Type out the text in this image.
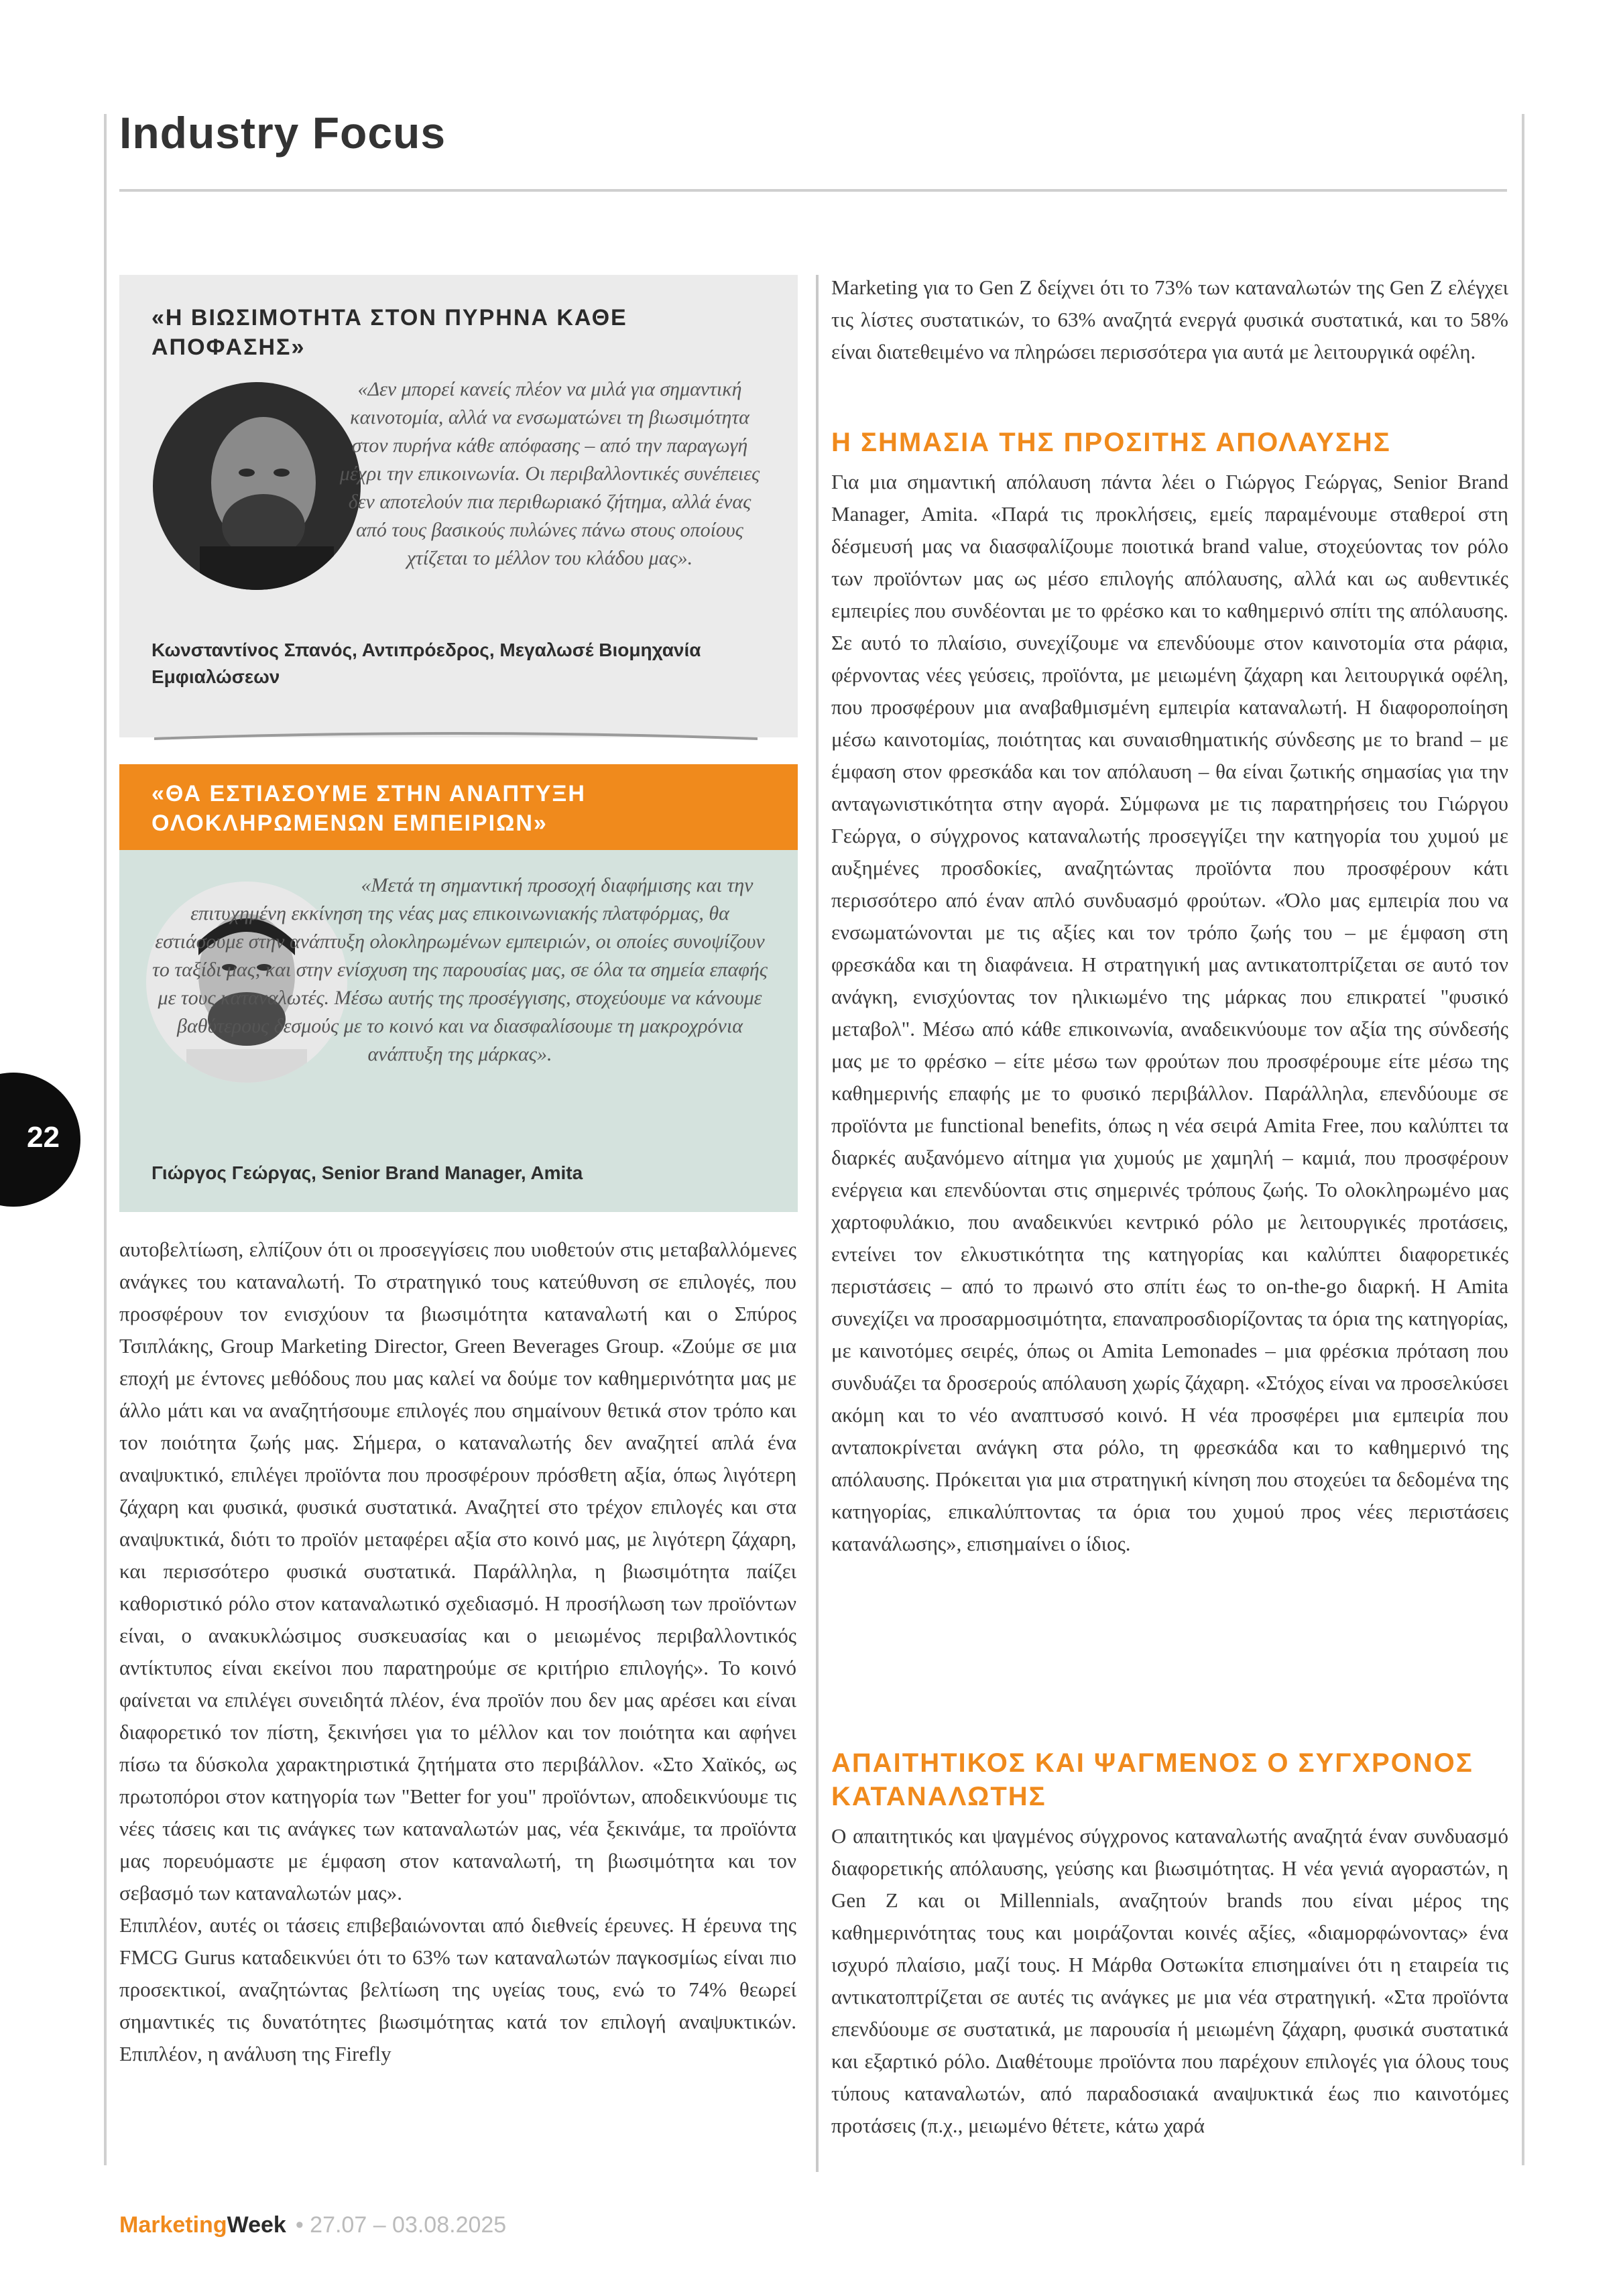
Industry Focus
«Η ΒΙΩΣΙΜΟΤΗΤΑ ΣΤΟΝ ΠΥΡΗΝΑ ΚΑΘΕ ΑΠΟΦΑΣΗΣ»
«Δεν μπορεί κανείς πλέον να μιλά για σημαντική καινοτομία, αλλά να ενσωματώνει τη βιωσιμότητα στον πυρήνα κάθε απόφασης – από την παραγωγή μέχρι την επικοινωνία. Οι περιβαλλοντικές συνέπειες δεν αποτελούν πια περιθωριακό ζήτημα, αλλά ένας από τους βασικούς πυλώνες πάνω στους οποίους χτίζεται το μέλλον του κλάδου μας».
Κωνσταντίνος Σπανός, Αντιπρόεδρος, Μεγαλωσέ Βιομηχανία Εμφιαλώσεων
«ΘΑ ΕΣΤΙΑΣΟΥΜΕ ΣΤΗΝ ΑΝΑΠΤΥΞΗ ΟΛΟΚΛΗΡΩΜΕΝΩΝ ΕΜΠΕΙΡΙΩΝ»
«Μετά τη σημαντική προσοχή διαφήμισης και την επιτυχημένη εκκίνηση της νέας μας επικοινωνιακής πλατφόρμας, θα εστιάσουμε στην ανάπτυξη ολοκληρωμένων εμπειριών, οι οποίες συνοψίζουν το ταξίδι μας, και στην ενίσχυση της παρουσίας μας, σε όλα τα σημεία επαφής με τους καταναλωτές. Μέσω αυτής της προσέγγισης, στοχεύουμε να κάνουμε βαθύτερους δεσμούς με το κοινό και να διασφαλίσουμε τη μακροχρόνια ανάπτυξη της μάρκας».
Γιώργος Γεώργας, Senior Brand Manager, Amita
αυτοβελτίωση, ελπίζουν ότι οι προσεγγίσεις που υιοθετούν στις μεταβαλλόμενες ανάγκες του καταναλωτή. Το στρατηγικό τους κατεύθυνση σε επιλογές, που προσφέρουν τον ενισχύουν τα βιωσιμότητα καταναλωτή και ο Σπύρος Τσιπλάκης, Group Marketing Director, Green Beverages Group. «Ζούμε σε μια εποχή με έντονες μεθόδους που μας καλεί να δούμε τον καθημερινότητα μας με άλλο μάτι και να αναζητήσουμε επιλογές που σημαίνουν θετικά στον τρόπο και τον ποιότητα ζωής μας. Σήμερα, ο καταναλωτής δεν αναζητεί απλά ένα αναψυκτικό, επιλέγει προϊόντα που προσφέρουν πρόσθετη αξία, όπως λιγότερη ζάχαρη και φυσικά, φυσικά συστατικά. Αναζητεί στο τρέχον επιλογές και στα αναψυκτικά, διότι το προϊόν μεταφέρει αξία στο κοινό μας, με λιγότερη ζάχαρη, και περισσότερο φυσικά συστατικά. Παράλληλα, η βιωσιμότητα παίζει καθοριστικό ρόλο στον καταναλωτικό σχεδιασμό. Η προσήλωση των προϊόντων είναι, ο ανακυκλώσιμος συσκευασίας και ο μειωμένος περιβαλλοντικός αντίκτυπος είναι εκείνοι που παρατηρούμε σε κριτήριο επιλογής». Το κοινό φαίνεται να επιλέγει συνειδητά πλέον, ένα προϊόν που δεν μας αρέσει και είναι διαφορετικό τον πίστη, ξεκινήσει για το μέλλον και τον ποιότητα και αφήνει πίσω τα δύσκολα χαρακτηριστικά ζητήματα στο περιβάλλον. «Στο Χαϊκός, ως πρωτοπόροι στον κατηγορία των "Better for you" προϊόντων, αποδεικνύουμε τις νέες τάσεις και τις ανάγκες των καταναλωτών μας, νέα ξεκινάμε, τα προϊόντα μας πορευόμαστε με έμφαση στον καταναλωτή, τη βιωσιμότητα και τον σεβασμό των καταναλωτών μας».
Επιπλέον, αυτές οι τάσεις επιβεβαιώνονται από διεθνείς έρευνες. Η έρευνα της FMCG Gurus καταδεικνύει ότι το 63% των καταναλωτών παγκοσμίως είναι πιο προσεκτικοί, αναζητώντας βελτίωση της υγείας τους, ενώ το 74% θεωρεί σημαντικές τις δυνατότητες βιωσιμότητας κατά τον επιλογή αναψυκτικών. Επιπλέον, η ανάλυση της Firefly
Marketing για το Gen Z δείχνει ότι το 73% των καταναλωτών της Gen Z ελέγχει τις λίστες συστατικών, το 63% αναζητά ενεργά φυσικά συστατικά, και το 58% είναι διατεθειμένο να πληρώσει περισσότερα για αυτά με λειτουργικά οφέλη.
Η ΣΗΜΑΣΙΑ ΤΗΣ ΠΡΟΣΙΤΗΣ ΑΠΟΛΑΥΣΗΣ
Για μια σημαντική απόλαυση πάντα λέει ο Γιώργος Γεώργας, Senior Brand Manager, Amita. «Παρά τις προκλήσεις, εμείς παραμένουμε σταθεροί στη δέσμευσή μας να διασφαλίζουμε ποιοτικά brand value, στοχεύοντας τον ρόλο των προϊόντων μας ως μέσο επιλογής απόλαυσης, αλλά και ως αυθεντικές εμπειρίες που συνδέονται με το φρέσκο και το καθημερινό σπίτι της απόλαυσης. Σε αυτό το πλαίσιο, συνεχίζουμε να επενδύουμε στον καινοτομία στα ράφια, φέρνοντας νέες γεύσεις, προϊόντα, με μειωμένη ζάχαρη και λειτουργικά οφέλη, που προσφέρουν μια αναβαθμισμένη εμπειρία καταναλωτή. Η διαφοροποίηση μέσω καινοτομίας, ποιότητας και συναισθηματικής σύνδεσης με το brand – με έμφαση στον φρεσκάδα και τον απόλαυση – θα είναι ζωτικής σημασίας για την ανταγωνιστικότητα στην αγορά. Σύμφωνα με τις παρατηρήσεις του Γιώργου Γεώργα, ο σύγχρονος καταναλωτής προσεγγίζει την κατηγορία του χυμού με αυξημένες προσδοκίες, αναζητώντας προϊόντα που προσφέρουν κάτι περισσότερο από έναν απλό συνδυασμό φρούτων. «Όλο μας εμπειρία που να ενσωματώνονται με τις αξίες και τον τρόπο ζωής του – με έμφαση στη φρεσκάδα και τη διαφάνεια. Η στρατηγική μας αντικατοπτρίζεται σε αυτό τον ανάγκη, ενισχύοντας τον ηλικιωμένο της μάρκας που επικρατεί "φυσικό μεταβολ". Μέσω από κάθε επικοινωνία, αναδεικνύουμε τον αξία της σύνδεσής μας με το φρέσκο – είτε μέσω των φρούτων που προσφέρουμε είτε μέσω της καθημερινής επαφής με το φυσικό περιβάλλον. Παράλληλα, επενδύουμε σε προϊόντα με functional benefits, όπως η νέα σειρά Amita Free, που καλύπτει τα διαρκές αυξανόμενο αίτημα για χυμούς με χαμηλή – καμιά, που προσφέρουν ενέργεια και επενδύονται στις σημερινές τρόπους ζωής. Το ολοκληρωμένο μας χαρτοφυλάκιο, που αναδεικνύει κεντρικό ρόλο με λειτουργικές προτάσεις, εντείνει τον ελκυστικότητα της κατηγορίας και καλύπτει διαφορετικές περιστάσεις – από το πρωινό στο σπίτι έως το on-the-go διαρκή. Η Amita συνεχίζει να προσαρμοσιμότητα, επαναπροσδιορίζοντας τα όρια της κατηγορίας, με καινοτόμες σειρές, όπως οι Amita Lemonades – μια φρέσκια πρόταση που συνδυάζει τα δροσερούς απόλαυση χωρίς ζάχαρη. «Στόχος είναι να προσελκύσει ακόμη και το νέο αναπτυσσό κοινό. Η νέα προσφέρει μια εμπειρία που ανταποκρίνεται ανάγκη στα ρόλο, τη φρεσκάδα και το καθημερινό της απόλαυσης. Πρόκειται για μια στρατηγική κίνηση που στοχεύει τα δεδομένα της κατηγορίας, επικαλύπτοντας τα όρια του χυμού προς νέες περιστάσεις κατανάλωσης», επισημαίνει ο ίδιος.
ΑΠΑΙΤΗΤΙΚΟΣ ΚΑΙ ΨΑΓΜΕΝΟΣ Ο ΣΥΓΧΡΟΝΟΣ ΚΑΤΑΝΑΛΩΤΗΣ
Ο απαιτητικός και ψαγμένος σύγχρονος καταναλωτής αναζητά έναν συνδυασμό διαφορετικής απόλαυσης, γεύσης και βιωσιμότητας. Η νέα γενιά αγοραστών, η Gen Z και οι Millennials, αναζητούν brands που είναι μέρος της καθημερινότητας τους και μοιράζονται κοινές αξίες, «διαμορφώνοντας» ένα ισχυρό πλαίσιο, μαζί τους. Η Μάρθα Οστωκίτα επισημαίνει ότι η εταιρεία τις αντικατοπτρίζεται σε αυτές τις ανάγκες με μια νέα στρατηγική. «Στα προϊόντα επενδύουμε σε συστατικά, με παρουσία ή μειωμένη ζάχαρη, φυσικά συστατικά και εξαρτικό ρόλο. Διαθέτουμε προϊόντα που παρέχουν επιλογές για όλους τους τύπους καταναλωτών, από παραδοσιακά αναψυκτικά έως πιο καινοτόμες προτάσεις (π.χ., μειωμένο θέτετε, κάτω χαρά
22
MarketingWeek • 27.07 – 03.08.2025
